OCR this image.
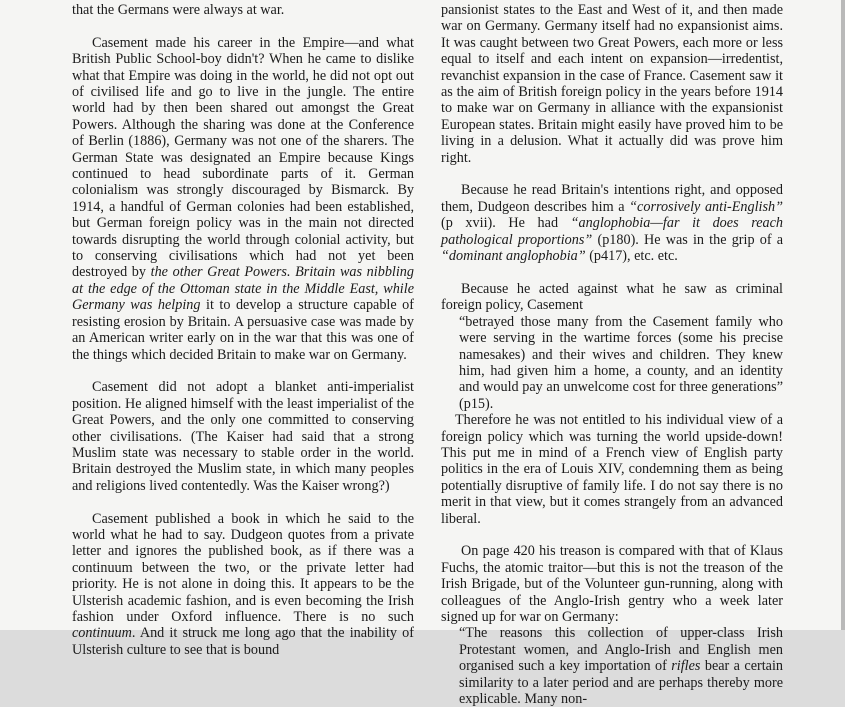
that the Germans were always at war.

Casement made his career in the Empire—and what British Public School-boy didn't? When he came to dislike what that Empire was doing in the world, he did not opt out of civilised life and go to live in the jungle. The entire world had by then been shared out amongst the Great Powers. Although the sharing was done at the Conference of Berlin (1886), Germany was not one of the sharers. The German State was designated an Empire because Kings continued to head subordinate parts of it. German colonialism was strongly discouraged by Bismarck. By 1914, a handful of German colonies had been established, but German foreign policy was in the main not directed towards disrupting the world through colonial activity, but to conserving civilisations which had not yet been destroyed by the other Great Powers. Britain was nibbling at the edge of the Ottoman state in the Middle East, while Germany was helping it to develop a structure capable of resisting erosion by Britain. A persuasive case was made by an American writer early on in the war that this was one of the things which decided Britain to make war on Germany.

Casement did not adopt a blanket anti-imperialist position. He aligned himself with the least imperialist of the Great Powers, and the only one committed to conserving other civilisations. (The Kaiser had said that a strong Muslim state was necessary to stable order in the world. Britain destroyed the Muslim state, in which many peoples and religions lived contentedly. Was the Kaiser wrong?)

Casement published a book in which he said to the world what he had to say. Dudgeon quotes from a private letter and ignores the published book, as if there was a continuum between the two, or the private letter had priority. He is not alone in doing this. It appears to be the Ulsterish academic fashion, and is even becoming the Irish fashion under Oxford influence. There is no such continuum. And it struck me long ago that the inability of Ulsterish culture to see that is bound

pansionist states to the East and West of it, and then made war on Germany. Germany itself had no expansionist aims. It was caught between two Great Powers, each more or less equal to itself and each intent on expansion—irredentist, revanchist expansion in the case of France. Casement saw it as the aim of British foreign policy in the years before 1914 to make war on Germany in alliance with the expansionist European states. Britain might easily have proved him to be living in a delusion. What it actually did was prove him right.

Because he read Britain's intentions right, and opposed them, Dudgeon describes him a “corrosively anti-English” (p xvii). He had “anglophobia—far it does reach pathological proportions” (p180). He was in the grip of a “dominant anglophobia” (p417), etc. etc.

Because he acted against what he saw as criminal foreign policy, Casement

“betrayed those many from the Casement family who were serving in the wartime forces (some his precise namesakes) and their wives and children. They knew him, had given him a home, a county, and an identity and would pay an unwelcome cost for three generations” (p15).

Therefore he was not entitled to his individual view of a foreign policy which was turning the world upside-down! This put me in mind of a French view of English party politics in the era of Louis XIV, condemning them as being potentially disruptive of family life. I do not say there is no merit in that view, but it comes strangely from an advanced liberal.

On page 420 his treason is compared with that of Klaus Fuchs, the atomic traitor—but this is not the treason of the Irish Brigade, but of the Volunteer gun-running, along with colleagues of the Anglo-Irish gentry who a week later signed up for war on Germany:

“The reasons this collection of upper-class Irish Protestant women, and Anglo-Irish and English men organised such a key importation of rifles bear a certain similarity to a later period and are perhaps thereby more explicable. Many non-
